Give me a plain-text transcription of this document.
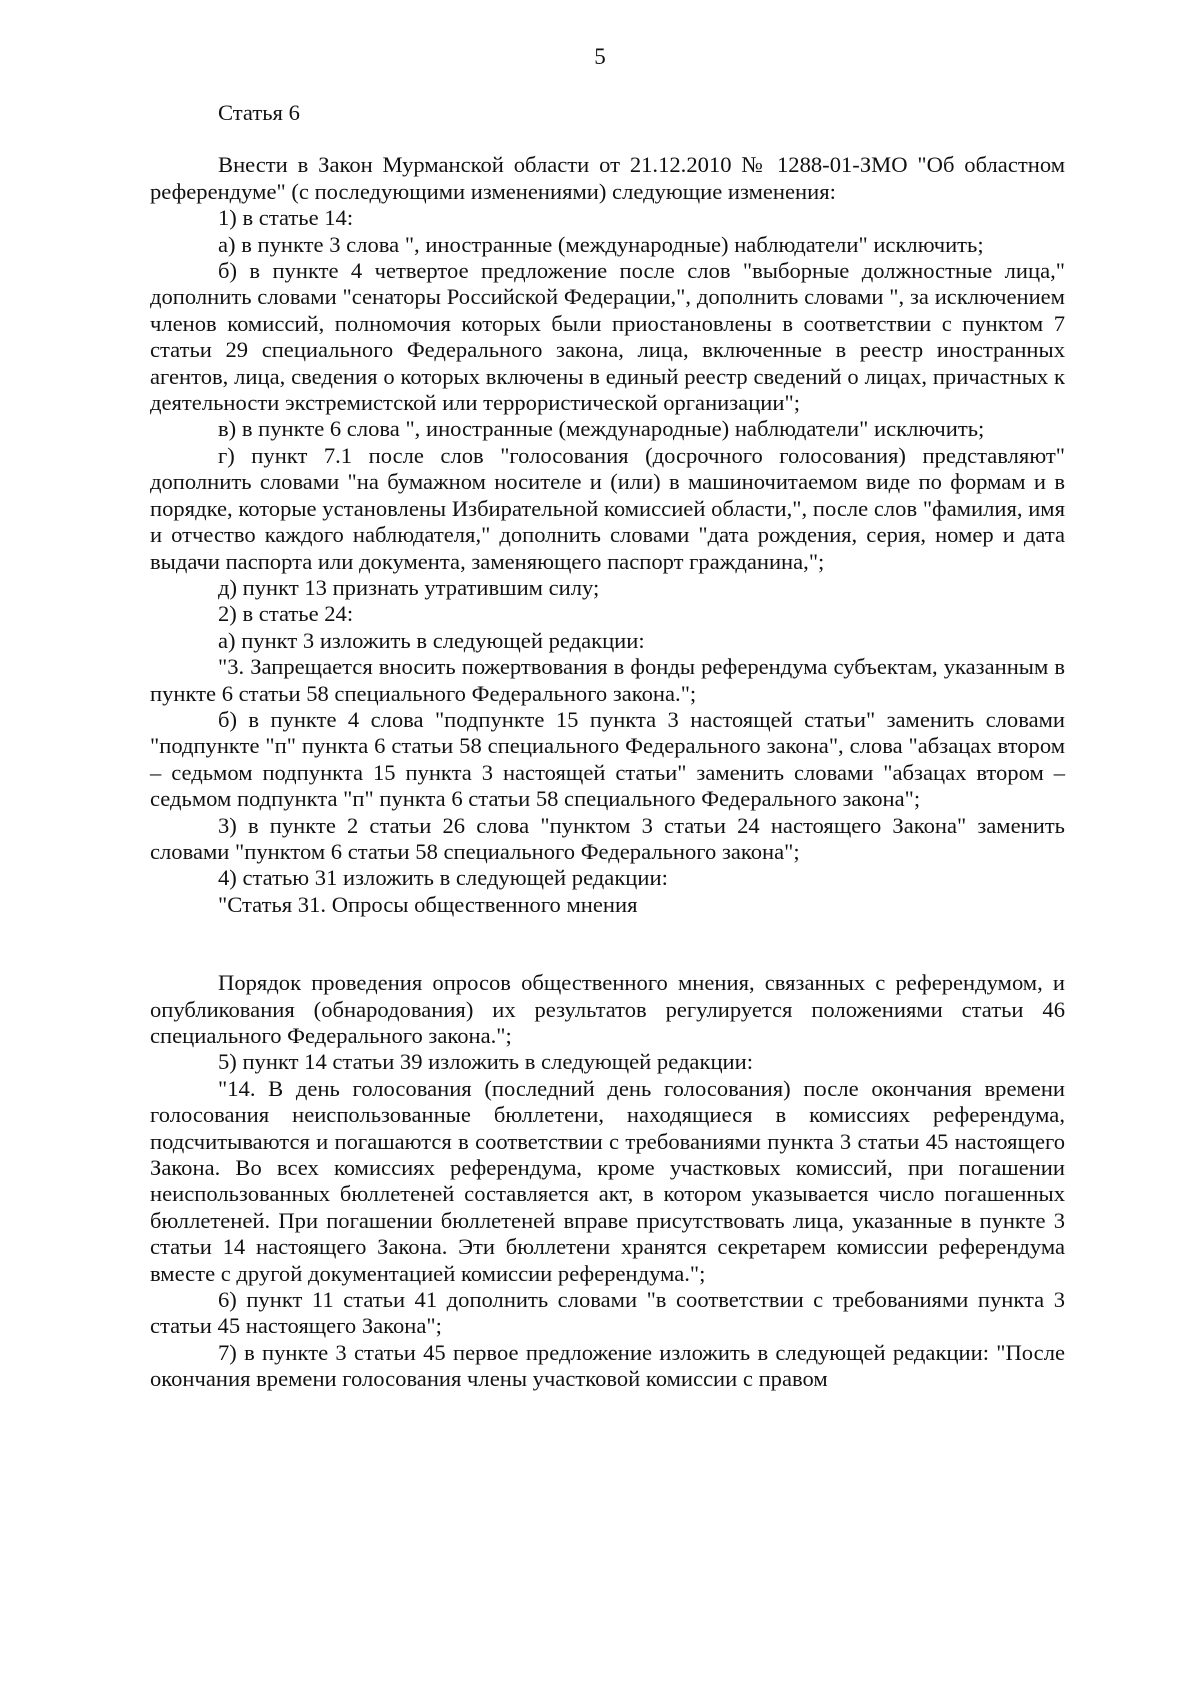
5

Статья 6

Внести в Закон Мурманской области от 21.12.2010 № 1288-01-ЗМО "Об областном референдуме" (с последующими изменениями) следующие изменения:

1) в статье 14:

а) в пункте 3 слова ", иностранные (международные) наблюдатели" исключить;

б) в пункте 4 четвертое предложение после слов "выборные должностные лица," дополнить словами "сенаторы Российской Федерации,", дополнить словами ", за исключением членов комиссий, полномочия которых были приостановлены в соответствии с пунктом 7 статьи 29 специального Федерального закона, лица, включенные в реестр иностранных агентов, лица, сведения о которых включены в единый реестр сведений о лицах, причастных к деятельности экстремистской или террористической организации";

в) в пункте 6 слова ", иностранные (международные) наблюдатели" исключить;

г) пункт 7.1 после слов "голосования (досрочного голосования) представляют" дополнить словами "на бумажном носителе и (или) в машиночитаемом виде по формам и в порядке, которые установлены Избирательной комиссией области,", после слов "фамилия, имя и отчество каждого наблюдателя," дополнить словами "дата рождения, серия, номер и дата выдачи паспорта или документа, заменяющего паспорт гражданина,";

д) пункт 13 признать утратившим силу;

2) в статье 24:

а) пункт 3 изложить в следующей редакции:

"3. Запрещается вносить пожертвования в фонды референдума субъектам, указанным в пункте 6 статьи 58 специального Федерального закона.";

б) в пункте 4 слова "подпункте 15 пункта 3 настоящей статьи" заменить словами "подпункте "п" пункта 6 статьи 58 специального Федерального закона", слова "абзацах втором – седьмом подпункта 15 пункта 3 настоящей статьи" заменить словами "абзацах втором – седьмом подпункта "п" пункта 6 статьи 58 специального Федерального закона";

3) в пункте 2 статьи 26 слова "пунктом 3 статьи 24 настоящего Закона" заменить словами "пунктом 6 статьи 58 специального Федерального закона";

4) статью 31 изложить в следующей редакции:

"Статья 31. Опросы общественного мнения

Порядок проведения опросов общественного мнения, связанных с референдумом, и опубликования (обнародования) их результатов регулируется положениями статьи 46 специального Федерального закона.";

5) пункт 14 статьи 39 изложить в следующей редакции:

"14. В день голосования (последний день голосования) после окончания времени голосования неиспользованные бюллетени, находящиеся в комиссиях референдума, подсчитываются и погашаются в соответствии с требованиями пункта 3 статьи 45 настоящего Закона. Во всех комиссиях референдума, кроме участковых комиссий, при погашении неиспользованных бюллетеней составляется акт, в котором указывается число погашенных бюллетеней. При погашении бюллетеней вправе присутствовать лица, указанные в пункте 3 статьи 14 настоящего Закона. Эти бюллетени хранятся секретарем комиссии референдума вместе с другой документацией комиссии референдума.";

6) пункт 11 статьи 41 дополнить словами "в соответствии с требованиями пункта 3 статьи 45 настоящего Закона";

7) в пункте 3 статьи 45 первое предложение изложить в следующей редакции: "После окончания времени голосования члены участковой комиссии с правом
